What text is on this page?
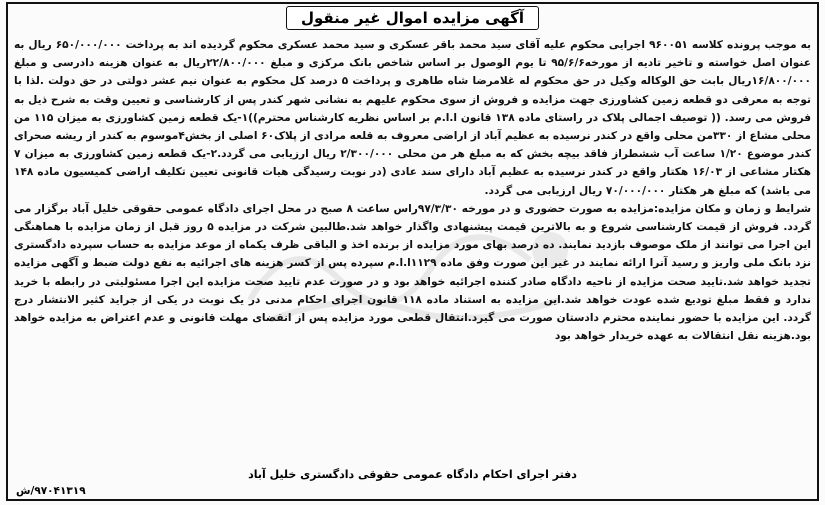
آگهی مزایده اموال غیر منقول

به موجب پرونده کلاسه ۹۶۰۰۵۱ اجرایی محکوم علیه آقای سید محمد باقر عسکری و سید محمد عسکری محکوم گردیده اند به پرداخت ۶۵۰/۰۰۰/۰۰۰ ریال به عنوان اصل خواسته و تاخیر تادیه از مورخه۹۵/۶/۶ تا یوم الوصول بر اساس شاخص بانک مرکزی و مبلغ ۲۲/۸۰۰/۰۰۰ریال به عنوان هزینه دادرسی و مبلغ ۱۶/۸۰۰/۰۰۰ریال بابت حق الوکاله وکیل در حق محکوم له غلامرضا شاه طاهری و پرداخت ۵ درصد کل محکوم به عنوان نیم عشر دولتی در حق دولت .لذا با توجه به معرفی دو قطعه زمین کشاورزی جهت مزایده و فروش از سوی محکوم علیهم به نشانی شهر کندر پس از کارشناسی و تعیین وقت به شرح ذیل به فروش می رسد. (( توصیف اجمالی پلاک در راستای ماده ۱۳۸ قانون ا.ا.م بر اساس نظریه کارشناس محترم))۱-یک قطعه زمین کشاورزی به میزان ۱۱۵ من محلی مشاع از ۳۳۰من محلی واقع در کندر نرسیده به عظیم آباد از اراضی معروف به قلعه مرادی از پلاک۶۰ اصلی از بخش۴موسوم به کندر از ریشه صحرای کندر موضوع ۱/۲۰ ساعت آب ششطراز فاقد بیچه بخش که به مبلغ هر من محلی ۲/۳۰۰/۰۰۰ ریال ارزیابی می گردد.۲-یک قطعه زمین کشاورزی به میزان ۷ هکتار مشاعی از ۱۶/۰۳ هکتار واقع در کندر نرسیده به عظیم آباد دارای سند عادی (در نوبت رسیدگی هیات قانونی تعیین تکلیف اراضی کمیسیون ماده ۱۴۸ می باشد) که مبلغ هر هکتار ۷۰/۰۰۰/۰۰۰ ریال ارزیابی می گردد.

شرایط و زمان و مکان مزایده:مزایده به صورت حضوری و در مورخه ۹۷/۳/۳۰راس ساعت ۸ صبح در محل اجرای دادگاه عمومی حقوقی خلیل آباد برگزار می گردد. فروش از قیمت کارشناسی شروع و به بالاترین قیمت پیشنهادی واگذار خواهد شد.طالبین شرکت در مزایده ۵ روز قبل از زمان مزایده با هماهنگی این اجرا می توانند از ملک موصوف بازدید نمایند. ده درصد بهای مورد مزایده از برنده اخذ و الباقی ظرف یکماه از موعد مزایده به حساب سپرده دادگستری نزد بانک ملی واریز و رسید آنرا ارائه نمایند در غیر این صورت وفق ماده ۱۱۲۹ا.ا.م سپرده پس از کسر هزینه های اجرائیه به نفع دولت ضبط و آگهی مزایده تجدید خواهد شد.تایید صحت مزایده از ناحیه دادگاه صادر کننده اجرائیه خواهد بود و در صورت عدم تایید صحت مزایده این اجرا مسئولیتی در رابطه با خرید ندارد و فقط مبلغ تودیع شده عودت خواهد شد.این مزایده به استناد ماده ۱۱۸ قانون اجرای احکام مدنی در یک نوبت در یکی از جراید کثیر الانتشار درج گردد. این مزایده با حضور نماینده محترم دادستان صورت می گیرد.انتقال قطعی مورد مزایده پس از انقضای مهلت قانونی و عدم اعتراض به مزایده خواهد بود.هزینه نقل انتقالات به عهده خریدار خواهد بود

دفتر اجرای احکام دادگاه عمومی حقوقی دادگستری خلیل آباد
۹۷۰۴۱۳۱۹/ش
